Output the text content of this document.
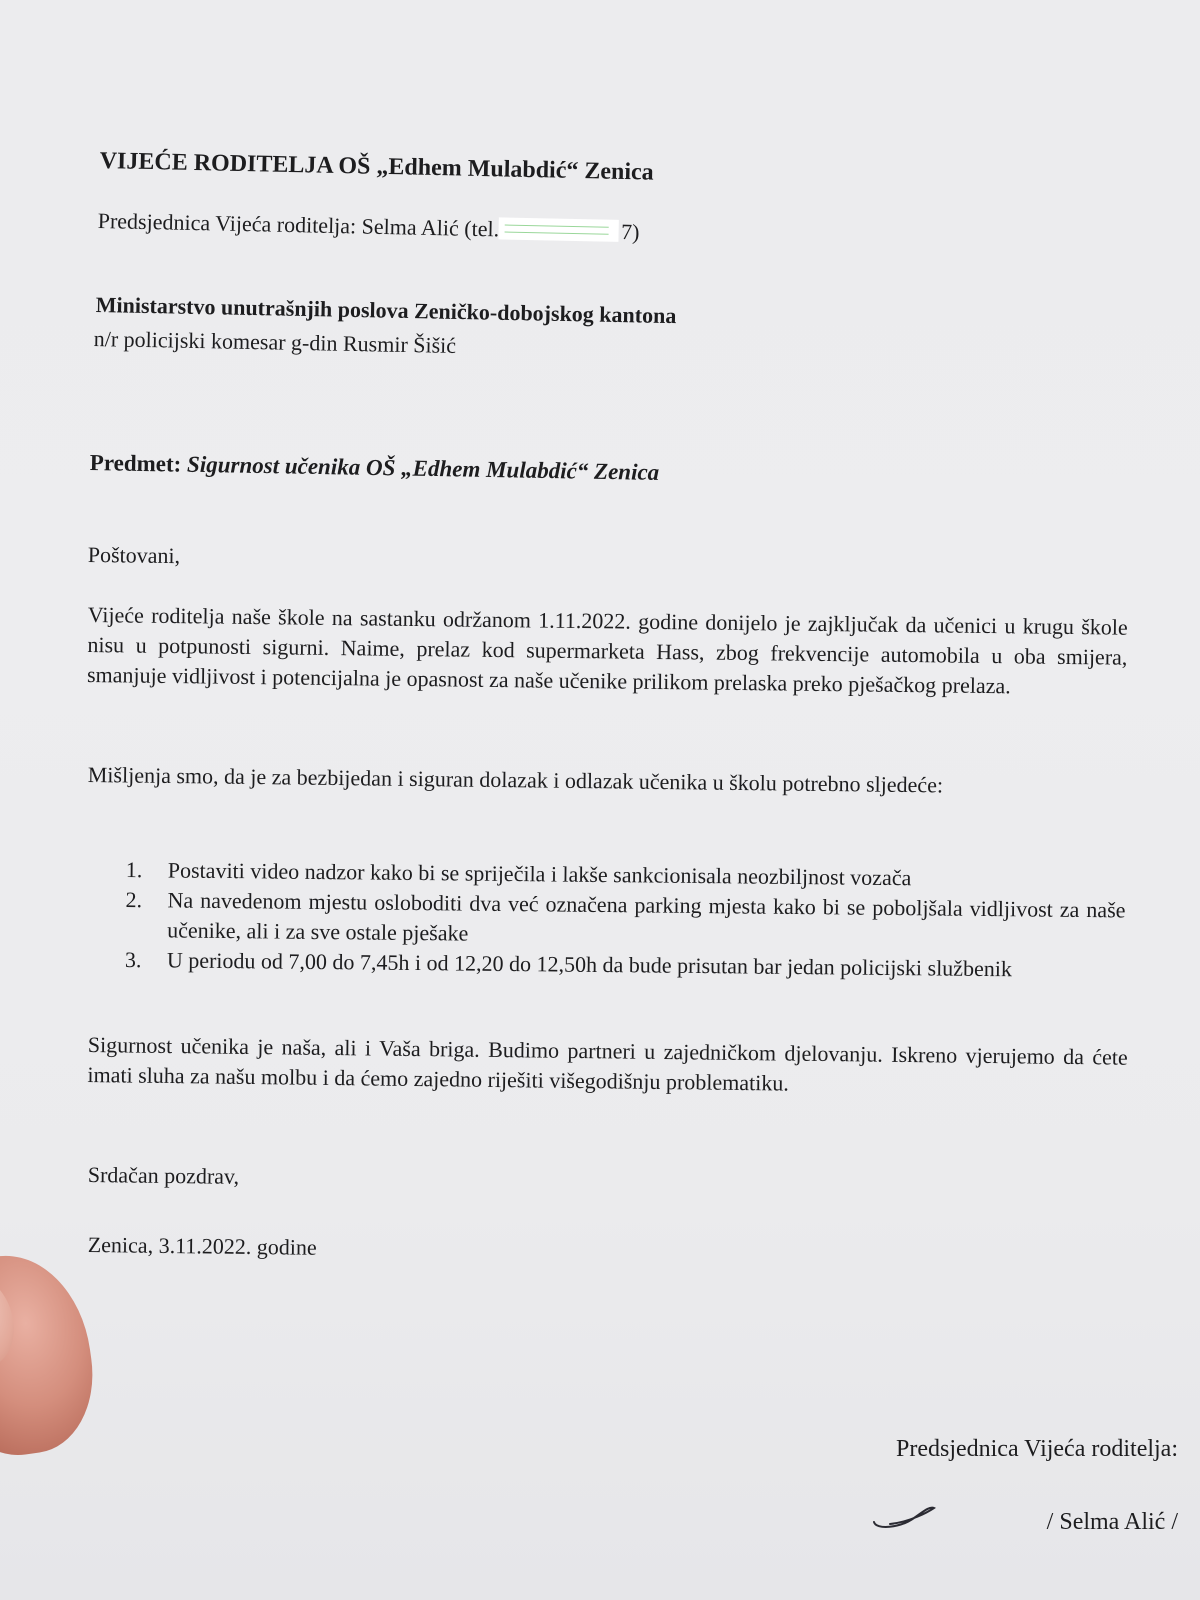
VIJEĆE RODITELJA OŠ „Edhem Mulabdić“ Zenica
Predsjednica Vijeća roditelja: Selma Alić (tel.	7)
Ministarstvo unutrašnjih poslova Zeničko-dobojskog kantona
n/r policijski komesar g-din Rusmir Šišić
Predmet: Sigurnost učenika OŠ „Edhem Mulabdić“ Zenica
Poštovani,
Vijeće roditelja naše škole na sastanku održanom 1.11.2022. godine donijelo je zajključak da učenici u krugu škole nisu u potpunosti sigurni. Naime, prelaz kod supermarketa Hass, zbog frekvencije automobila u oba smijera, smanjuje vidljivost i potencijalna je opasnost za naše učenike prilikom prelaska preko pješačkog prelaza.
Mišljenja smo, da je za bezbijedan i siguran dolazak i odlazak učenika u školu potrebno sljedeće:
1.	Postaviti video nadzor kako bi se spriječila i lakše sankcionisala neozbiljnost vozača
2.	Na navedenom mjestu osloboditi dva već označena parking mjesta kako bi se poboljšala vidljivost za naše učenike, ali i za sve ostale pješake
3.	U periodu od 7,00 do 7,45h i od 12,20 do 12,50h da bude prisutan bar jedan policijski službenik
Sigurnost učenika je naša, ali i Vaša briga. Budimo partneri u zajedničkom djelovanju. Iskreno vjerujemo da ćete imati sluha za našu molbu i da ćemo zajedno riješiti višegodišnju problematiku.
Srdačan pozdrav,
Zenica, 3.11.2022. godine
Predsjednica Vijeća roditelja:
/ Selma Alić /
